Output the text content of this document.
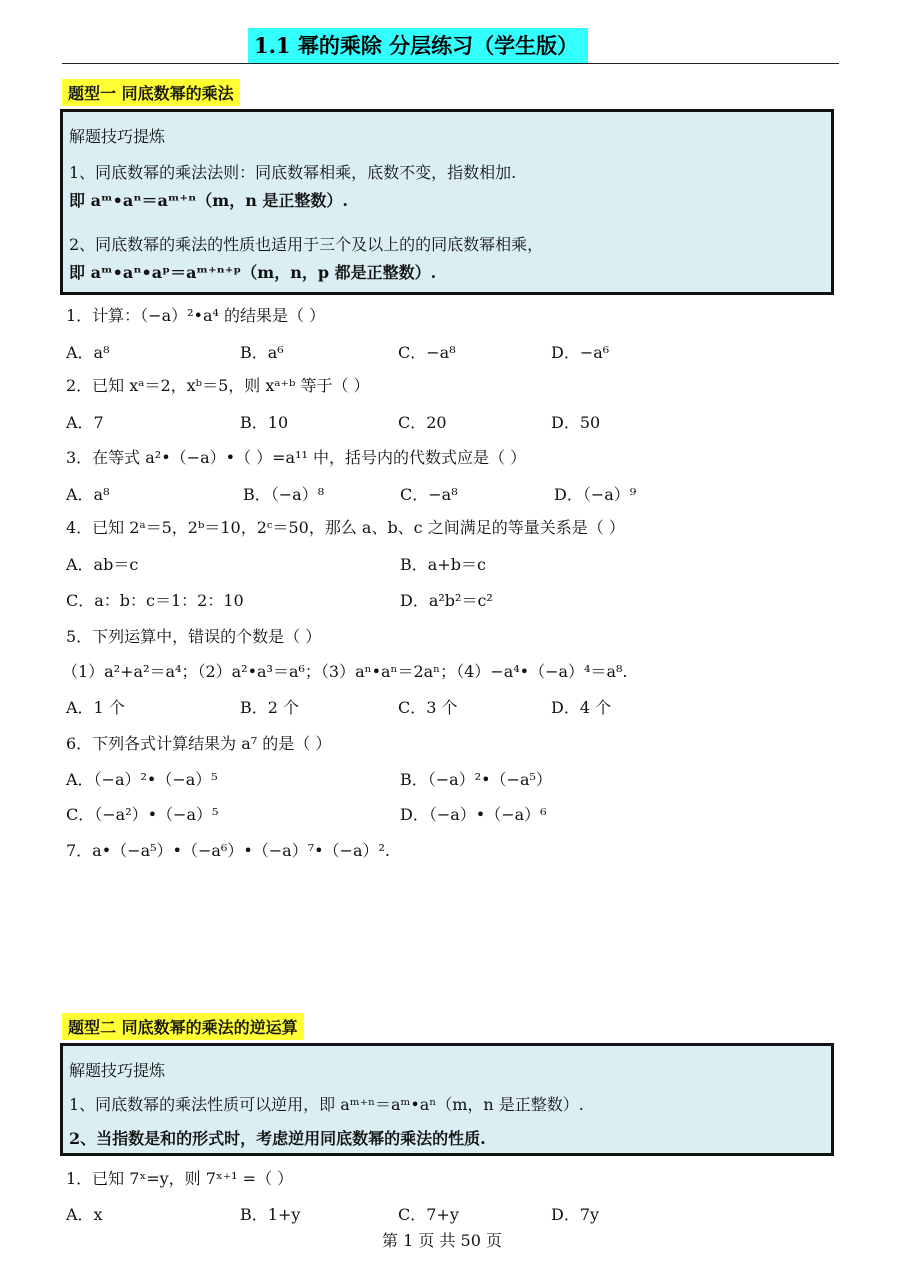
1.1 幂的乘除 分层练习（学生版）
题型一 同底数幂的乘法
解题技巧提炼
1、同底数幂的乘法法则：同底数幂相乘，底数不变，指数相加.
即 aᵐ•aⁿ＝aᵐ⁺ⁿ（m，n 是正整数）.
2、同底数幂的乘法的性质也适用于三个及以上的的同底数幂相乘，
即 aᵐ•aⁿ•aᵖ＝aᵐ⁺ⁿ⁺ᵖ（m，n，p 都是正整数）.
1．计算：（−a）²•a⁴ 的结果是（ ）
A．a⁸	B．a⁶	C．−a⁸	D．−a⁶
2．已知 xᵃ＝2，xᵇ＝5，则 xᵃ⁺ᵇ 等于（ ）
A．7	B．10	C．20	D．50
3．在等式 a²•（−a）•（ ）=a¹¹ 中，括号内的代数式应是（ ）
A．a⁸	B．（−a）⁸	C．−a⁸	D．（−a）⁹
4．已知 2ᵃ＝5，2ᵇ＝10，2ᶜ＝50，那么 a、b、c 之间满足的等量关系是（ ）
A．ab＝c	B．a+b＝c
C．a：b：c＝1：2：10	D．a²b²＝c²
5．下列运算中，错误的个数是（ ）
（1）a²+a²＝a⁴；（2）a²•a³＝a⁶；（3）aⁿ•aⁿ＝2aⁿ；（4）−a⁴•（−a）⁴＝a⁸.
A．1 个	B．2 个	C．3 个	D．4 个
6．下列各式计算结果为 a⁷ 的是（ ）
A．（−a）²•（−a）⁵	B．（−a）²•（−a⁵）
C．（−a²）•（−a）⁵	D．（−a）•（−a）⁶
7．a•（−a⁵）•（−a⁶）•（−a）⁷•（−a）².
题型二 同底数幂的乘法的逆运算
解题技巧提炼
1、同底数幂的乘法性质可以逆用，即 aᵐ⁺ⁿ＝aᵐ•aⁿ（m，n 是正整数）.
2、当指数是和的形式时，考虑逆用同底数幂的乘法的性质.
1．已知 7ˣ=y，则 7ˣ⁺¹ =（ ）
A．x	B．1+y	C．7+y	D．7y
第 1 页 共 50 页
